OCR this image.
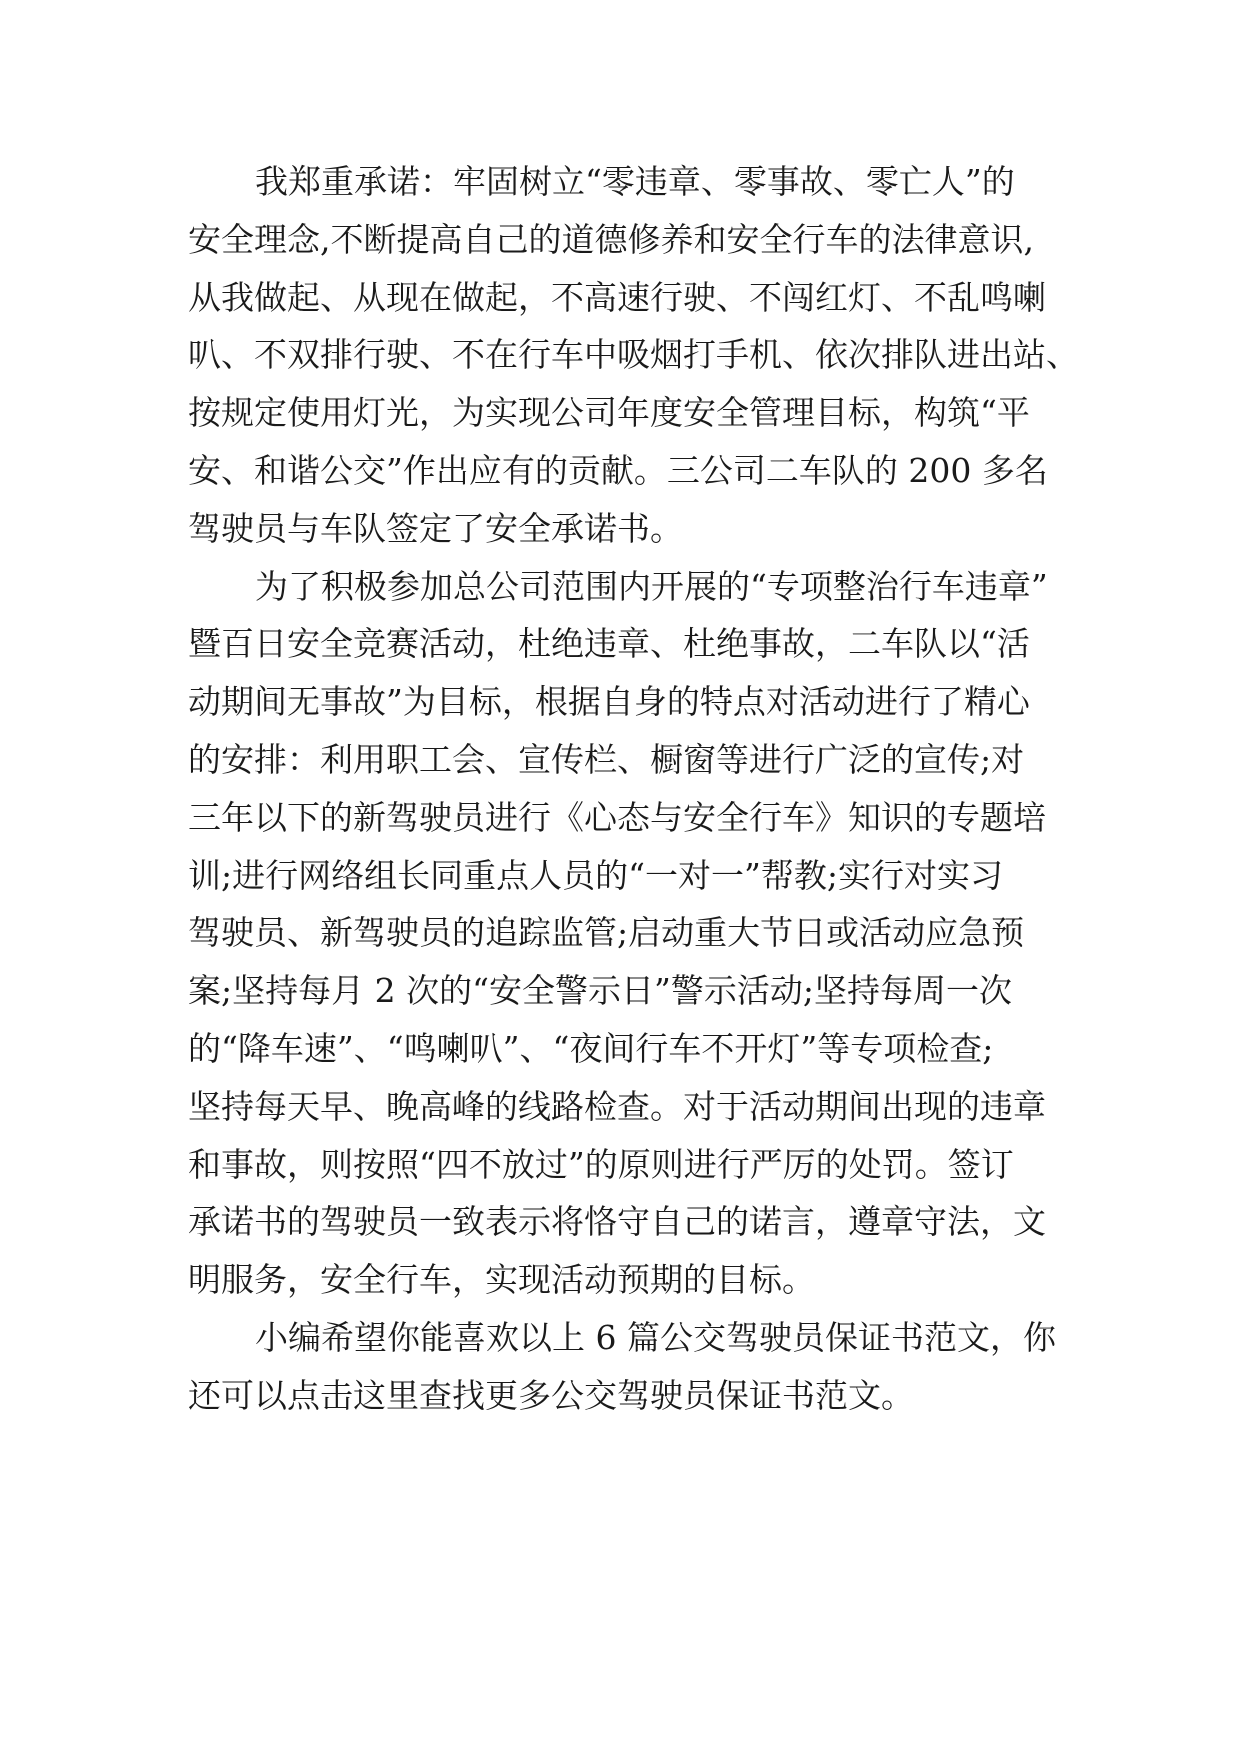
我郑重承诺：牢固树立“零违章、零事故、零亡人”的
安全理念,不断提高自己的道德修养和安全行车的法律意识,
从我做起、从现在做起，不高速行驶、不闯红灯、不乱鸣喇
叭、不双排行驶、不在行车中吸烟打手机、依次排队进出站、
按规定使用灯光，为实现公司年度安全管理目标，构筑“平
安、和谐公交”作出应有的贡献。三公司二车队的 200 多名
驾驶员与车队签定了安全承诺书。
为了积极参加总公司范围内开展的“专项整治行车违章”
暨百日安全竞赛活动，杜绝违章、杜绝事故，二车队以“活
动期间无事故”为目标，根据自身的特点对活动进行了精心
的安排：利用职工会、宣传栏、橱窗等进行广泛的宣传;对
三年以下的新驾驶员进行《心态与安全行车》知识的专题培
训;进行网络组长同重点人员的“一对一”帮教;实行对实习
驾驶员、新驾驶员的追踪监管;启动重大节日或活动应急预
案;坚持每月 2 次的“安全警示日”警示活动;坚持每周一次
的“降车速”、“鸣喇叭”、“夜间行车不开灯”等专项检查;
坚持每天早、晚高峰的线路检查。对于活动期间出现的违章
和事故，则按照“四不放过”的原则进行严厉的处罚。签订
承诺书的驾驶员一致表示将恪守自己的诺言，遵章守法，文
明服务，安全行车，实现活动预期的目标。
小编希望你能喜欢以上 6 篇公交驾驶员保证书范文，你
还可以点击这里查找更多公交驾驶员保证书范文。
